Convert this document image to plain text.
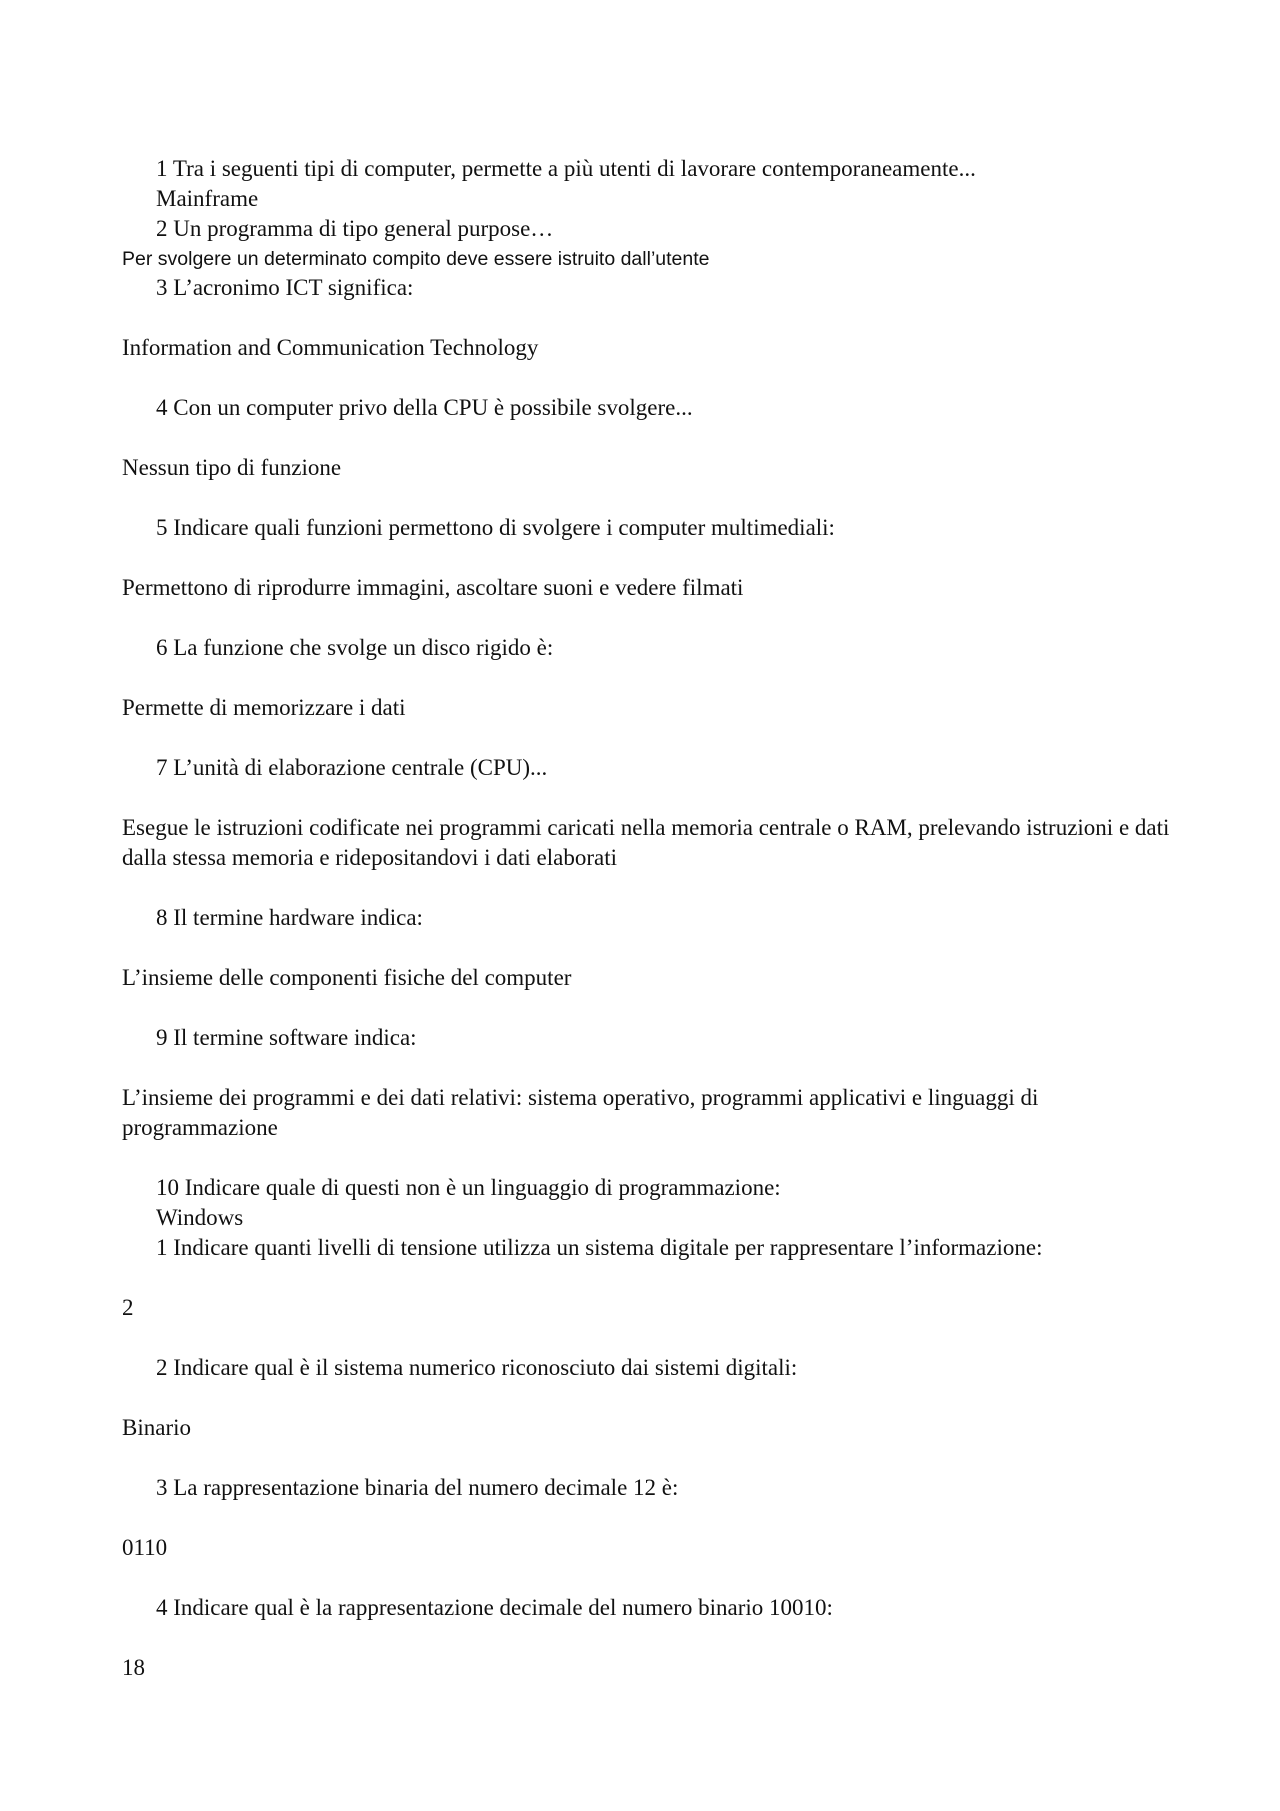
1 Tra i seguenti tipi di computer, permette a più utenti di lavorare contemporaneamente...

Mainframe

2 Un programma di tipo general purpose…

Per svolgere un determinato compito deve essere istruito dall’utente

3 L’acronimo ICT significa:

Information and Communication Technology

4 Con un computer privo della CPU è possibile svolgere...

Nessun tipo di funzione

5 Indicare quali funzioni permettono di svolgere i computer multimediali:

Permettono di riprodurre immagini, ascoltare suoni e vedere filmati

6 La funzione che svolge un disco rigido è:

Permette di memorizzare i dati

7 L’unità di elaborazione centrale (CPU)...

Esegue le istruzioni codificate nei programmi caricati nella memoria centrale o RAM, prelevando istruzioni e dati dalla stessa memoria e ridepositandovi i dati elaborati

8 Il termine hardware indica:

L’insieme delle componenti fisiche del computer

9 Il termine software indica:

L’insieme dei programmi e dei dati relativi: sistema operativo, programmi applicativi e linguaggi di programmazione

10 Indicare quale di questi non è un linguaggio di programmazione:

Windows

1 Indicare quanti livelli di tensione utilizza un sistema digitale per rappresentare l’informazione:

2

2 Indicare qual è il sistema numerico riconosciuto dai sistemi digitali:

Binario

3 La rappresentazione binaria del numero decimale 12 è:

0110

4 Indicare qual è la rappresentazione decimale del numero binario 10010:

18
